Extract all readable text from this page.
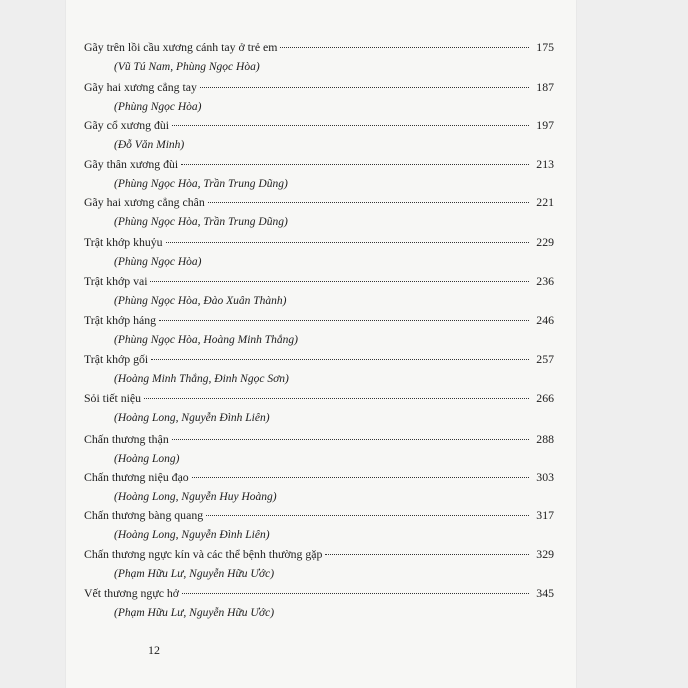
Gãy trên lồi cầu xương cánh tay ở trẻ em	175
(Vũ Tú Nam, Phùng Ngọc Hòa)
Gãy hai xương cẳng tay	187
(Phùng Ngọc Hòa)
Gãy cổ xương đùi	197
(Đỗ Văn Minh)
Gãy thân xương đùi	213
(Phùng Ngọc Hòa, Trần Trung Dũng)
Gãy hai xương cẳng chân	221
(Phùng Ngọc Hòa, Trần Trung Dũng)
Trật khớp khuỷu	229
(Phùng Ngọc Hòa)
Trật khớp vai	236
(Phùng Ngọc Hòa, Đào Xuân Thành)
Trật khớp háng	246
(Phùng Ngọc Hòa, Hoàng Minh Thắng)
Trật khớp gối	257
(Hoàng Minh Thắng, Đinh Ngọc Sơn)
Sỏi tiết niệu	266
(Hoàng Long, Nguyễn Đình Liên)
Chấn thương thận	288
(Hoàng Long)
Chấn thương niệu đạo	303
(Hoàng Long, Nguyễn Huy Hoàng)
Chấn thương bàng quang	317
(Hoàng Long, Nguyễn Đình Liên)
Chấn thương ngực kín và các thể bệnh thường gặp	329
(Phạm Hữu Lư, Nguyễn Hữu Ước)
Vết thương ngực hở	345
(Phạm Hữu Lư, Nguyễn Hữu Ước)
12
